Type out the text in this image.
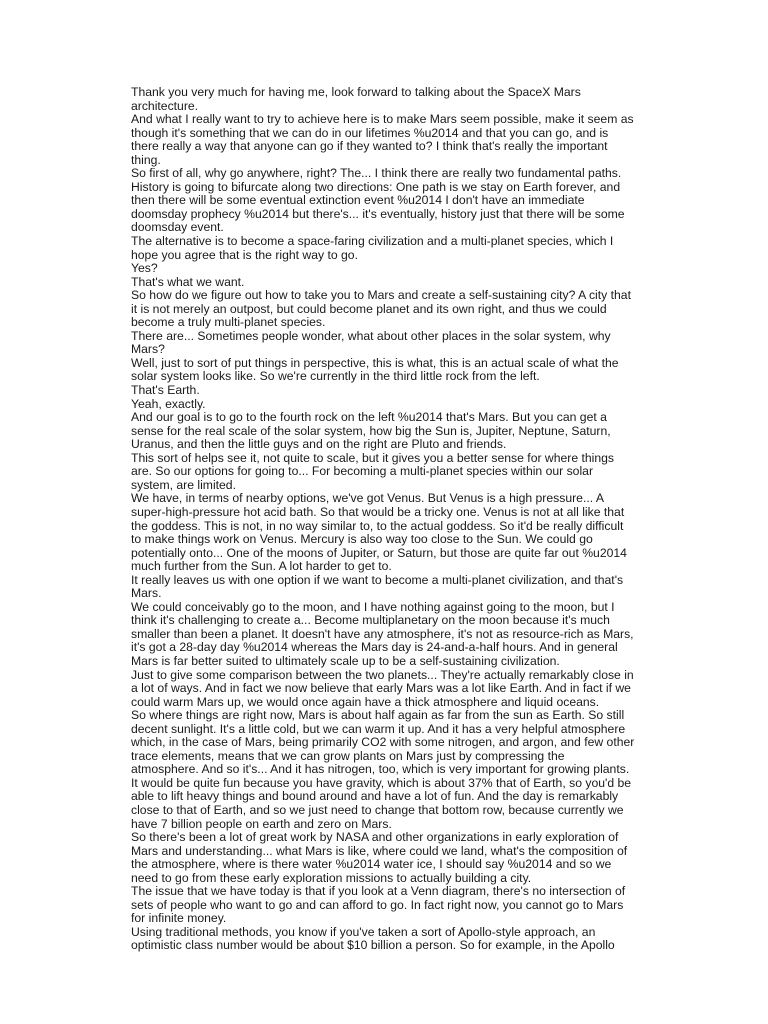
Thank you very much for having me, look forward to talking about the SpaceX Mars
architecture.

And what I really want to try to achieve here is to make Mars seem possible, make it seem as
though it's something that we can do in our lifetimes %u2014 and that you can go, and is
there really a way that anyone can go if they wanted to? I think that's really the important
thing.

So first of all, why go anywhere, right? The... I think there are really two fundamental paths.
History is going to bifurcate along two directions: One path is we stay on Earth forever, and
then there will be some eventual extinction event %u2014 I don't have an immediate
doomsday prophecy %u2014 but there's... it's eventually, history just that there will be some
doomsday event.

The alternative is to become a space-faring civilization and a multi-planet species, which I
hope you agree that is the right way to go.

Yes?

That's what we want.

So how do we figure out how to take you to Mars and create a self-sustaining city? A city that
it is not merely an outpost, but could become planet and its own right, and thus we could
become a truly multi-planet species.

There are... Sometimes people wonder, what about other places in the solar system, why
Mars?

Well, just to sort of put things in perspective, this is what, this is an actual scale of what the
solar system looks like. So we're currently in the third little rock from the left.

That's Earth.

Yeah, exactly.

And our goal is to go to the fourth rock on the left %u2014 that's Mars. But you can get a
sense for the real scale of the solar system, how big the Sun is, Jupiter, Neptune, Saturn,
Uranus, and then the little guys and on the right are Pluto and friends.

This sort of helps see it, not quite to scale, but it gives you a better sense for where things
are. So our options for going to... For becoming a multi-planet species within our solar
system, are limited.

We have, in terms of nearby options, we've got Venus. But Venus is a high pressure... A
super-high-pressure hot acid bath. So that would be a tricky one. Venus is not at all like that
the goddess. This is not, in no way similar to, to the actual goddess. So it'd be really difficult
to make things work on Venus. Mercury is also way too close to the Sun. We could go
potentially onto... One of the moons of Jupiter, or Saturn, but those are quite far out %u2014
much further from the Sun. A lot harder to get to.

It really leaves us with one option if we want to become a multi-planet civilization, and that's
Mars.

We could conceivably go to the moon, and I have nothing against going to the moon, but I
think it's challenging to create a... Become multiplanetary on the moon because it's much
smaller than been a planet. It doesn't have any atmosphere, it's not as resource-rich as Mars,
it's got a 28-day day %u2014 whereas the Mars day is 24-and-a-half hours. And in general
Mars is far better suited to ultimately scale up to be a self-sustaining civilization.

Just to give some comparison between the two planets... They're actually remarkably close in
a lot of ways. And in fact we now believe that early Mars was a lot like Earth. And in fact if we
could warm Mars up, we would once again have a thick atmosphere and liquid oceans.

So where things are right now, Mars is about half again as far from the sun as Earth. So still
decent sunlight. It's a little cold, but we can warm it up. And it has a very helpful atmosphere
which, in the case of Mars, being primarily CO2 with some nitrogen, and argon, and few other
trace elements, means that we can grow plants on Mars just by compressing the
atmosphere. And so it's... And it has nitrogen, too, which is very important for growing plants.

It would be quite fun because you have gravity, which is about 37% that of Earth, so you'd be
able to lift heavy things and bound around and have a lot of fun. And the day is remarkably
close to that of Earth, and so we just need to change that bottom row, because currently we
have 7 billion people on earth and zero on Mars.

So there's been a lot of great work by NASA and other organizations in early exploration of
Mars and understanding... what Mars is like, where could we land, what's the composition of
the atmosphere, where is there water %u2014 water ice, I should say %u2014 and so we
need to go from these early exploration missions to actually building a city.

The issue that we have today is that if you look at a Venn diagram, there's no intersection of
sets of people who want to go and can afford to go. In fact right now, you cannot go to Mars
for infinite money.

Using traditional methods, you know if you've taken a sort of Apollo-style approach, an
optimistic class number would be about $10 billion a person. So for example, in the Apollo
